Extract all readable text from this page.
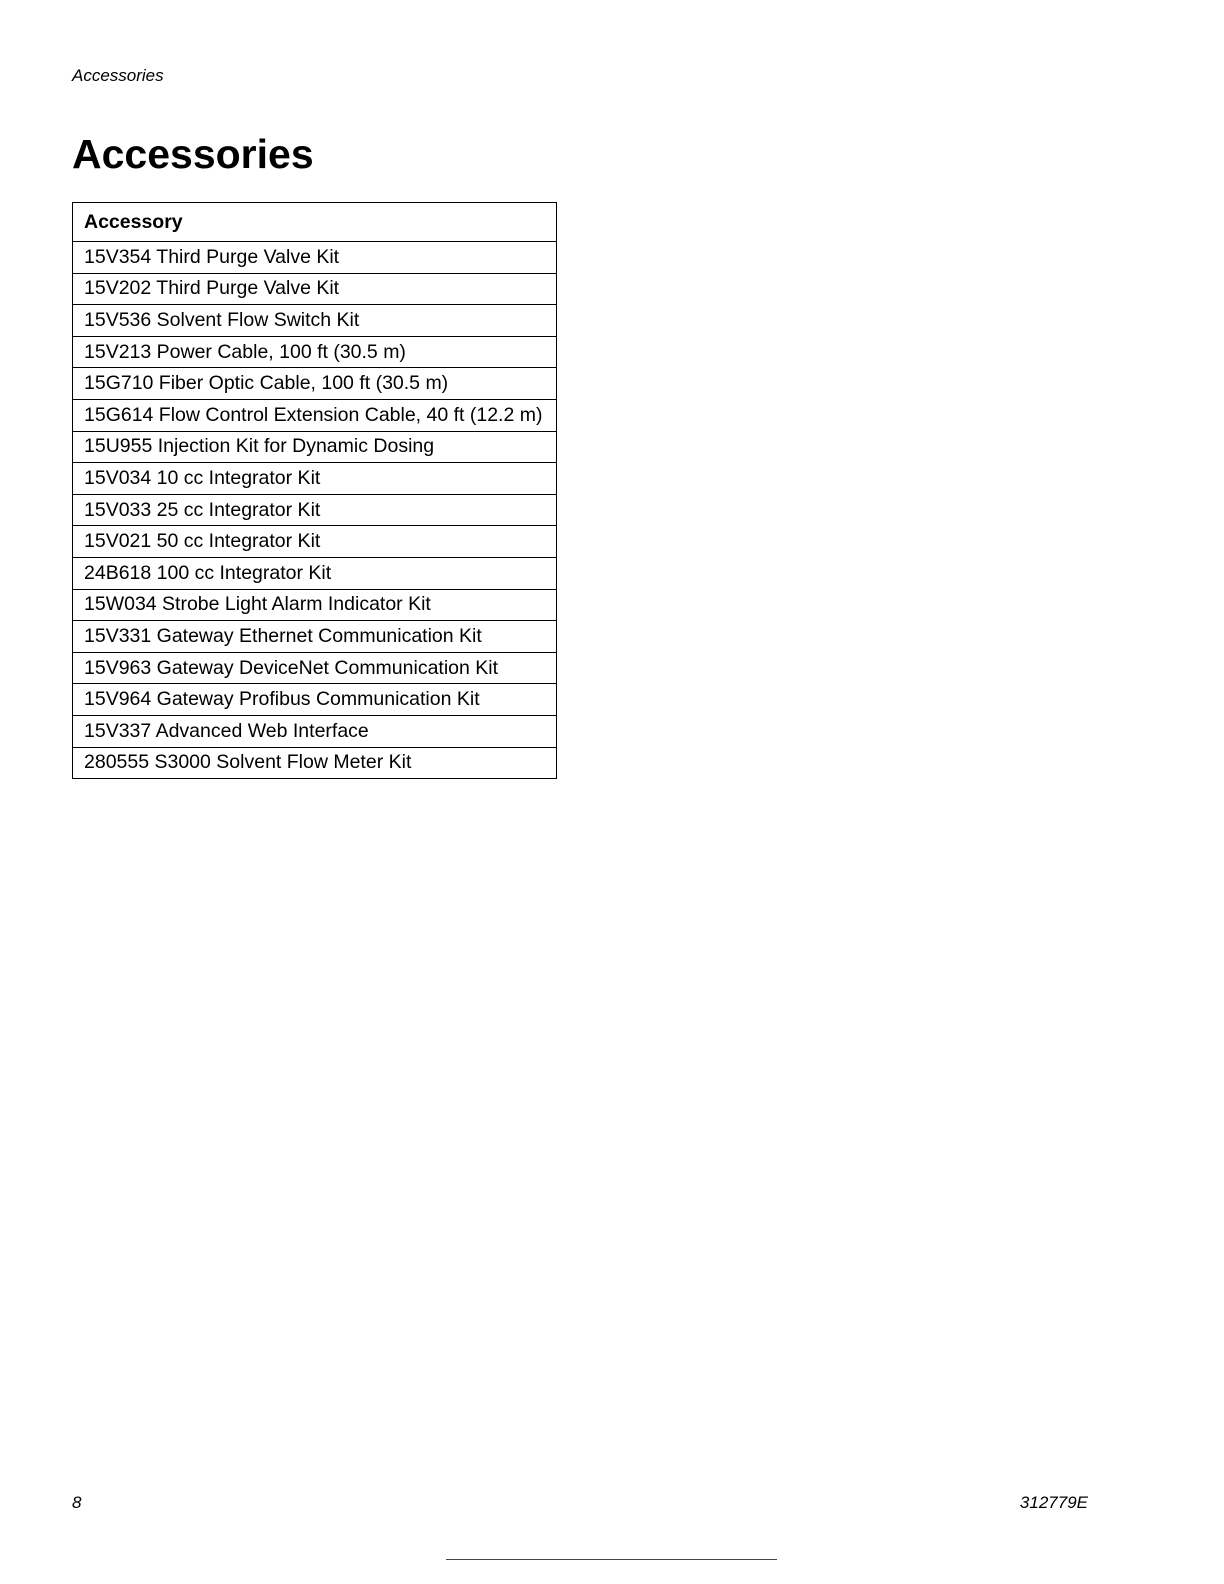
Accessories
Accessories
Accessory
15V354 Third Purge Valve Kit
15V202 Third Purge Valve Kit
15V536 Solvent Flow Switch Kit
15V213 Power Cable, 100 ft (30.5 m)
15G710 Fiber Optic Cable, 100 ft (30.5 m)
15G614 Flow Control Extension Cable, 40 ft (12.2 m)
15U955 Injection Kit for Dynamic Dosing
15V034 10 cc Integrator Kit
15V033 25 cc Integrator Kit
15V021 50 cc Integrator Kit
24B618 100 cc Integrator Kit
15W034 Strobe Light Alarm Indicator Kit
15V331 Gateway Ethernet Communication Kit
15V963 Gateway DeviceNet Communication Kit
15V964 Gateway Profibus Communication Kit
15V337 Advanced Web Interface
280555 S3000 Solvent Flow Meter Kit
8	312779E
